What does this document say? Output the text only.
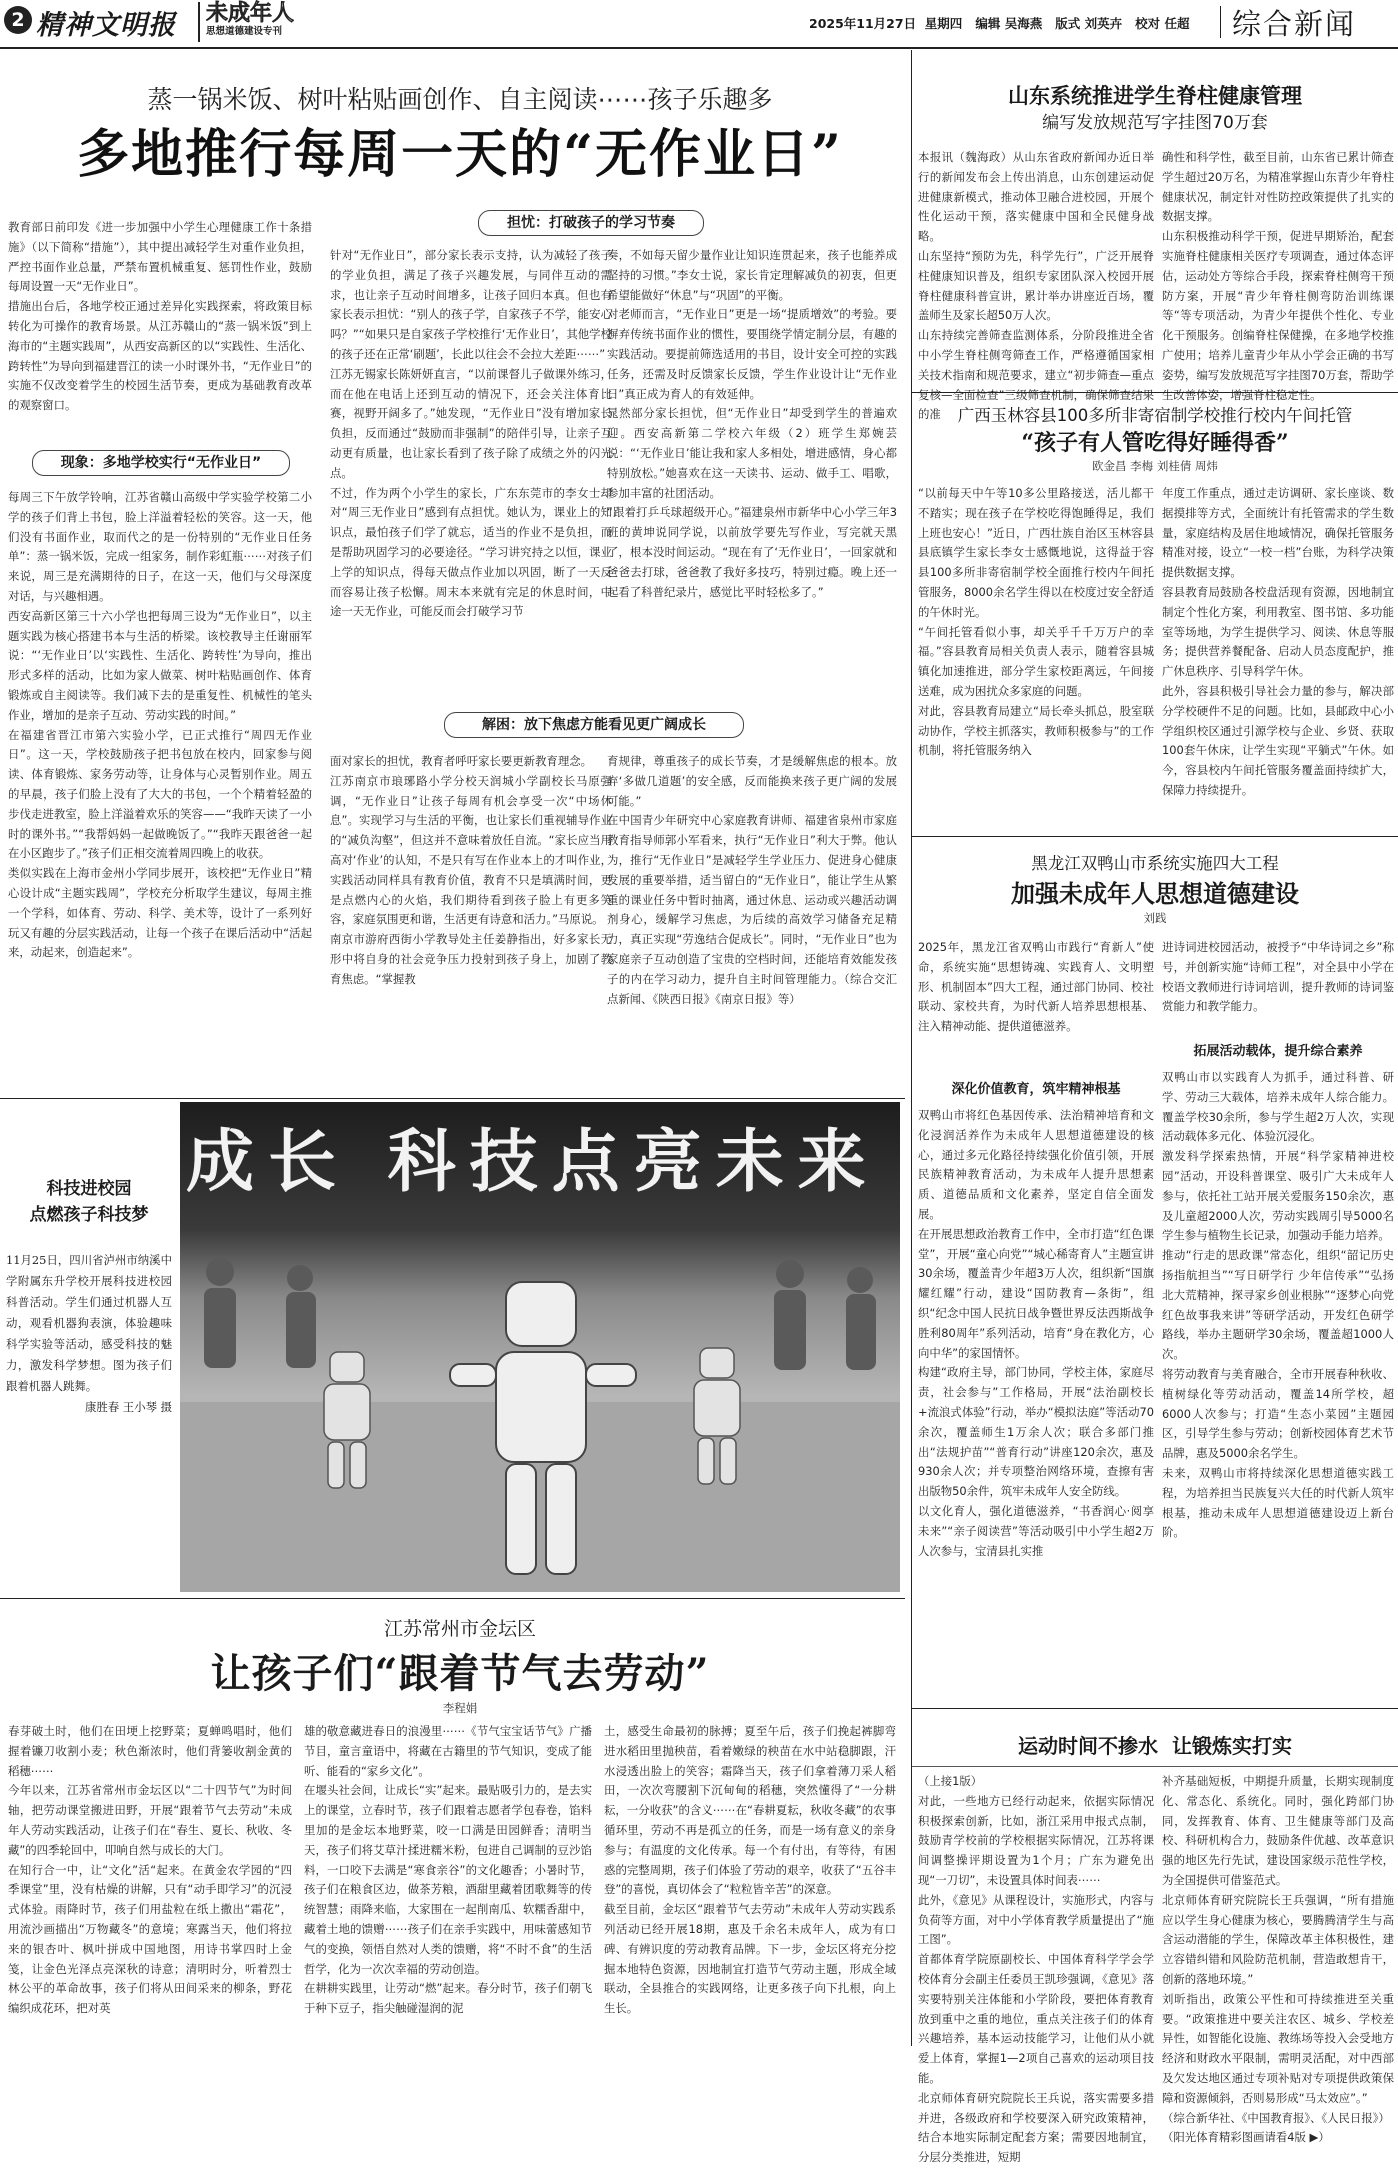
2 精神文明报 未成年人
思想道德建设专刊
2025年11月27日  星期四   编辑 吴海燕   版式 刘英卉   校对 任超 综合新闻
蒸一锅米饭、树叶粘贴画创作、自主阅读⋯⋯孩子乐趣多
多地推行每周一天的“无作业日”
教育部日前印发《进一步加强中小学生心理健康工作十条措施》（以下简称“措施”），其中提出减轻学生对重作业负担，严控书面作业总量，严禁布置机械重复、惩罚性作业，鼓励每周设置一天“无作业日”。
措施出台后，各地学校正通过差异化实践探索，将政策目标转化为可操作的教育场景。从江苏赣山的“蒸一锅米饭”到上海市的“主题实践周”，从西安高新区的以“实践性、生活化、跨转性”为导向到福建晋江的读一小时课外书，“无作业日”的实施不仅改变着学生的校园生活节奏，更成为基础教育改革的观察窗口。
现象：多地学校实行“无作业日”
每周三下午放学铃响，江苏省赣山高级中学实验学校第二小学的孩子们背上书包，脸上洋溢着轻松的笑容。这一天，他们没有书面作业，取而代之的是一份特别的“无作业日任务单”：蒸一锅米饭，完成一组家务，制作彩虹瓶⋯⋯对孩子们来说，周三是充满期待的日子，在这一天，他们与父母深度对话，与兴趣相遇。
西安高新区第三十六小学也把每周三设为“无作业日”，以主题实践为核心搭建书本与生活的桥梁。该校教导主任谢丽军说：“‘无作业日’以‘实践性、生活化、跨转性’为导向，推出形式多样的活动，比如为家人做菜、树叶粘贴画创作、体育锻炼或自主阅读等。我们减下去的是重复性、机械性的笔头作业，增加的是亲子互动、劳动实践的时间。”
在福建省晋江市第六实验小学，已正式推行“周四无作业日”。这一天，学校鼓励孩子把书包放在校内，回家参与阅读、体育锻炼、家务劳动等，让身体与心灵暂别作业。周五的早晨，孩子们脸上没有了大大的书包，一个个精着轻盈的步伐走进教室，脸上洋溢着欢乐的笑容——“我昨天读了一小时的课外书。”“我帮妈妈一起做晚饭了。”“我昨天跟爸爸一起在小区跑步了。”孩子们正相交流着周四晚上的收获。
类似实践在上海市金州小学同步展开，该校把“无作业日”精心设计成“主题实践周”，学校充分析取学生建议，每周主推一个学科，如体育、劳动、科学、美术等，设计了一系列好玩又有趣的分层实践活动，让每一个孩子在课后活动中“活起来，动起来，创造起来”。
担忧：打破孩子的学习节奏
针对“无作业日”，部分家长表示支持，认为减轻了孩子的学业负担，满足了孩子兴趣发展，与同伴互动的需求，也让亲子互动时间增多，让孩子回归本真。但也有家长表示担忧：“别人的孩子学，自家孩子不学，能安心吗？”“如果只是自家孩子学校推行‘无作业日’，其他学校的孩子还在正常‘刷题’，长此以往会不会拉大差距⋯⋯”
江苏无锡家长陈妍妍直言，“以前课督儿子做课外练习，而在他在电话上还到互动的情况下，还会关注体育比赛，视野开阔多了。”她发现，“无作业日”没有增加家长负担，反而通过“鼓励而非强制”的陪伴引导，让亲子互动更有质量，也让家长看到了孩子除了成绩之外的闪光点。
不过，作为两个小学生的家长，广东东莞市的李女士却对“周三无作业日”感到有点担忧。她认为，课业上的知识点，最怕孩子们学了就忘，适当的作业不是负担，而是帮助巩固学习的必要途径。“学习讲究持之以恒，课业上学的知识点，得每天做点作业加以巩固，断了一天反而容易让孩子松懈。周末本来就有完足的休息时间，中途一天无作业，可能反而会打破学习节
奏，不如每天留少量作业让知识连贯起来，孩子也能养成坚持的习惯。”李女士说，家长肯定理解减负的初衷，但更希望能做好“休息”与“巩固”的平衡。
对老师而言，“无作业日”更是一场“提质增效”的考验。要摒弃传统书面作业的惯性，要围绕学情定制分层，有趣的实践活动。要提前筛选适用的书目，设计安全可控的实践任务，还需及时反馈家长反馈，学生作业设计让“无作业日”真正成为育人的有效延伸。
晁然部分家长担忧，但“无作业日”却受到学生的普遍欢迎。西安高新第二学校六年级（2）班学生郑婉芸说：“‘无作业日’能让我和家人多相处，增进感情，身心都特别放松。”她喜欢在这一天读书、运动、做手工、唱歌，参加丰富的社团活动。
“跟着打乒乓球超级开心。”福建泉州市新华中心小学三年3班的黄坤说同学说，以前放学要先写作业，写完就天黑了，根本没时间运动。“现在有了‘无作业日’，一回家就和爸爸去打球，爸爸教了我好多技巧，特别过瘾。晚上还一起看了科普纪录片，感觉比平时轻松多了。”
解困：放下焦虑方能看见更广阔成长
面对家长的担忧，教育者呼吁家长要更新教育理念。
江苏南京市琅琊路小学分校天润城小学副校长马原强调，“无作业日”让孩子每周有机会享受一次“中场休息”。实现学习与生活的平衡，也让家长们重视辅导作业的“减负沟壑”，但这并不意味着放任自流。“家长应当用高对‘作业’的认知，不是只有写在作业本上的才叫作业，实践活动同样具有教育价值，教育不只是填满时间，更是点燃内心的火焰，我们期待看到孩子脸上有更多笑容，家庭氛围更和谐，生活更有诗意和活力。”马原说。
南京市游府西街小学教导处主任姜静指出，好多家长无形中将自身的社会竞争压力投射到孩子身上，加剧了教育焦虑。“掌握教
育规律，尊重孩子的成长节奏，才是缓解焦虑的根本。放弃‘多做几道题’的安全感，反而能换来孩子更广阔的发展可能。”
在中国青少年研究中心家庭教育讲师、福建省泉州市家庭教育指导师郭小军看来，执行“无作业日”利大于弊。他认为，推行“无作业日”是减轻学生学业压力、促进身心健康发展的重要举措，适当留白的“无作业日”，能让学生从繁重的课业任务中暂时抽离，通过休息、运动或兴趣活动调剂身心，缓解学习焦虑，为后续的高效学习储备充足精力，真正实现“劳逸结合促成长”。同时，“无作业日”也为家庭亲子互动创造了宝贵的空档时间，还能培育效能发孩子的内在学习动力，提升自主时间管理能力。（综合交汇点新闻、《陕西日报》《南京日报》等）
科技进校园
点燃孩子科技梦
11月25日，四川省泸州市纳溪中学附属东升学校开展科技进校园科普活动。学生们通过机器人互动，观看机器狗表演，体验趣味科学实验等活动，感受科技的魅力，激发科学梦想。图为孩子们跟着机器人跳舞。
康胜春 王小琴 摄
成长 科技点亮未来
江苏常州市金坛区
让孩子们“跟着节气去劳动”
李程娟
春芽破土时，他们在田埂上挖野菜；夏蝉鸣唱时，他们握着镰刀收割小麦；秋色渐浓时，他们背篓收割金黄的稻穗⋯⋯
今年以来，江苏省常州市金坛区以“二十四节气”为时间轴，把劳动课堂搬进田野，开展“跟着节气去劳动”未成年人劳动实践活动，让孩子们在“春生、夏长、秋收、冬藏”的四季轮回中，叩响自然与成长的大门。
在知行合一中，让“文化”活“起来。在黄金农学园的“四季课堂”里，没有枯燥的讲解，只有“动手即学习”的沉浸式体验。雨降时节，孩子们用盐粒在纸上撒出“霜花”，用流沙画描出“万物藏冬”的意境；寒露当天，他们将拉来的银杏叶、枫叶拼成中国地图，用诗书掌四时上金笺，让金色光泽点亮深秋的诗意；清明时分，听着烈士林公平的革命故事，孩子们将从田间采来的柳条，野花编织成花环，把对英
雄的敬意藏进春日的浪漫里⋯⋯《节气宝宝话节气》广播节目，童言童语中，将藏在古籍里的节气知识，变成了能听、能看的“家乡文化”。
在堰头社会间，让成长“实”起来。最贴吸引力的，是去实上的课堂，立春时节，孩子们跟着志愿者学包春卷，馅料里加的是金坛本地野菜，咬一口满是田园鲜香；清明当天，孩子们将艾草汁揉进糯米粉，包进自己调制的豆沙馅料，一口咬下去满是“寒食亲谷”的文化趣香；小暑时节，孩子们在粮食区边，做茶芳粮，酒甜里藏着团歌舞等的传统智慧；雨降来临，大家围在一起削南瓜、软糯香甜中，藏着土地的馈赠⋯⋯孩子们在亲手实践中，用味蕾感知节气的变换，领悟自然对人类的馈赠，将“不时不食”的生活哲学，化为一次次幸福的劳动创造。
在耕耕实践里，让劳动“燃”起来。春分时节，孩子们朝飞于种下豆子，指尖触碰湿润的泥
土，感受生命最初的脉搏；夏至午后，孩子们挽起裤脚弯进水稻田里抛秧苗，看着嫩绿的秧苗在水中站稳脚跟，汗水浸透出脸上的笑容；霜降当天，孩子们拿着薄刀采人稻田，一次次弯腰割下沉甸甸的稻穗，突然懂得了“一分耕耘，一分收获”的含义⋯⋯在“春耕夏耘，秋收冬藏”的农事循环里，劳动不再是孤立的任务，而是一场有意义的亲身参与；有温度的文化传承。每一个有付出，有等待，有困惑的完整周期，孩子们体验了劳动的艰辛，收获了“五谷丰登”的喜悦，真切体会了“粒粒皆辛苦”的深意。
截至目前，金坛区“跟着节气去劳动”未成年人劳动实践系列活动已经开展18期，惠及千余名未成年人，成为有口碑、有辨识度的劳动教育品牌。下一步，金坛区将充分挖掘本地特色资源，因地制宜打造节气劳动主题，形成全域联动，全县推合的实践网络，让更多孩子向下扎根，向上生长。
山东系统推进学生脊柱健康管理
编写发放规范写字挂图70万套
本报讯（魏海政）从山东省政府新闻办近日举行的新闻发布会上传出消息，山东创建运动促进健康新模式，推动体卫融合进校园，开展个性化运动干预，落实健康中国和全民健身战略。
山东坚持“预防为先，科学先行”，广泛开展脊柱健康知识普及，组织专家团队深入校园开展脊柱健康科普宣讲，累计举办讲座近百场，覆盖师生及家长超50万人次。
山东持续完善筛查监测体系，分阶段推进全省中小学生脊柱侧弯筛查工作，严格遵循国家相关技术指南和规范要求，建立“初步筛查—重点复核—全面检查”三级筛查机制，确保筛查结果的准
确性和科学性，截至目前，山东省已累计筛查学生超过20万名，为精准掌握山东青少年脊柱健康状况，制定针对性防控政策提供了扎实的数据支撑。
山东积极推动科学干预，促进早期矫治，配套实施脊柱健康相关医疗专项调查，通过体态评估，运动处方等综合手段，探索脊柱侧弯干预防方案，开展“青少年脊柱侧弯防治训练课等“等专项活动，为青少年提供个性化、专业化干预服务。创编脊柱保健操，在多地学校推广使用；培养儿童青少年从小学会正确的书写姿势，编写发放规范写字挂图70万套，帮助学生改善体姿，增强脊柱稳定性。
广西玉林容县100多所非寄宿制学校推行校内午间托管
“孩子有人管吃得好睡得香”
欧金昌 李梅 刘桂倩 周炜
“以前每天中午等10多公里路接送，活儿都干不踏实；现在孩子在学校吃得饱睡得足，我们上班也安心！”近日，广西壮族自治区玉林容县县底镇学生家长李女士感慨地说，这得益于容县100多所非寄宿制学校全面推行校内午间托管服务，8000余名学生得以在校度过安全舒适的午休时光。
“午间托管看似小事，却关乎千千万万户的幸福。”容县教育局相关负责人表示，随着容县城镇化加速推进，部分学生家校距离远，午间接送难，成为困扰众多家庭的问题。
对此，容县教育局建立“局长牵头抓总，股室联动协作，学校主抓落实，教师积极参与”的工作机制，将托管服务纳入
年度工作重点，通过走访调研、家长座谈、数据摸排等方式，全面统计有托管需求的学生数量，家庭结构及居住地域情况，确保托管服务精准对接，设立“一校一档”台账，为科学决策提供数据支撑。
容县教育局鼓励各校盘活现有资源，因地制宜制定个性化方案，利用教室、图书馆、多功能室等场地，为学生提供学习、阅读、休息等服务；提供营养餐配备、启动人员态度配护，推广休息秩序、引导科学午休。
此外，容县积极引导社会力量的参与，解决部分学校硬件不足的问题。比如，县邮政中心小学组织校区通过引源学校与企业、乡贤、获取100套午休床，让学生实现“平躺式”午休。如今，容县校内午间托管服务覆盖面持续扩大，保障力持续提升。
黑龙江双鸭山市系统实施四大工程
加强未成年人思想道德建设
刘践
2025年，黑龙江省双鸭山市践行“育新人”使命，系统实施“思想铸魂、实践育人、文明塑形、机制固本”四大工程，通过部门协同、校社联动、家校共育，为时代新人培养思想根基、注入精神动能、提供道德滋养。
深化价值教育，筑牢精神根基
双鸭山市将红色基因传承、法治精神培育和文化浸润活养作为未成年人思想道德建设的核心，通过多元化路径持续强化价值引领，开展民族精神教育活动，为未成年人提升思想素质、道德品质和文化素养，坚定自信全面发展。
在开展思想政治教育工作中，全市打造“红色课堂”，开展“童心向党”“城心稀寄育人”主题宣讲30余场，覆盖青少年超3万人次，组织新“国旗耀红耀”行动，建设“国防教育—条街”，组织“纪念中国人民抗日战争暨世界反法西斯战争胜利80周年”系列活动，培育“身在教化方，心向中华”的家国情怀。
构建“政府主导，部门协同，学校主体，家庭尽责，社会参与”工作格局，开展“法治副校长+流浪式体验”行动，举办“模拟法庭”等活动70余次，覆盖师生1万余人次；联合多部门推出“法规护苗”“普育行动”讲座120余次，惠及930余人次；并专项整治网络环境，查擦有害出版物50余件，筑牢未成年人安全防线。
以文化育人，强化道德滋养，“书香润心·阅享未来”“亲子阅读营”等活动吸引中小学生超2万人次参与，宝清县扎实推
进诗词进校园活动，被授予“中华诗词之乡”称号，并创新实施“诗师工程”，对全县中小学在校语文教师进行诗词培训，提升教师的诗词鉴赏能力和教学能力。
拓展活动载体，提升综合素养
双鸭山市以实践育人为抓手，通过科普、研学、劳动三大载体，培养未成年人综合能力。覆盖学校30余所，参与学生超2万人次，实现活动载体多元化、体验沉浸化。
激发科学探索热情，开展“科学家精神进校园”活动，开设科普课堂、吸引广大未成年人参与，依托社工站开展关爱服务150余次，惠及儿童超2000人次，劳动实践周引导5000名学生参与植物生长记录，加强动手能力培养。
推动“行走的思政课”常态化，组织“韶记历史扬指航担当”“写日研学行 少年信传承”“弘扬北大荒精神，探寻家乡创业根脉”“逐梦心向党 红色故事我来讲”等研学活动，开发红色研学路线，举办主题研学30余场，覆盖超1000人次。
将劳动教育与美育融合，全市开展春种秋收、植树绿化等劳动活动，覆盖14所学校，超6000人次参与；打造“生态小菜园”主题园区，引导学生参与劳动；创新校园体育艺术节品牌，惠及5000余名学生。
未来，双鸭山市将持续深化思想道德实践工程，为培养担当民族复兴大任的时代新人筑牢根基，推动未成年人思想道德建设迈上新台阶。
运动时间不掺水  让锻炼实打实
（上接1版）
对此，一些地方已经行动起来，依据实际情况积极探索创新，比如，浙江采用申报式点制，鼓励青学校前的学校根据实际情况，江苏将课间调整操评期设置为1个月；广东为避免出现“一刀切”，未设置具体时间表⋯⋯
此外，《意见》从课程设计，实施形式，内容与负荷等方面，对中小学体育教学质量提出了“施工图”。
首都体育学院原副校长、中国体育科学学会学校体育分会副主任委员王凯珍强调，《意见》落实要特别关注体能和小学阶段，要把体育教育放到重中之重的地位，重点关注孩子们的体育兴趣培养，基本运动技能学习，让他们从小就爱上体育，掌握1—2项自己喜欢的运动项目技能。
北京师体育研究院院长王兵说，落实需要多措并进，各级政府和学校要深入研究政策精神，结合本地实际制定配套方案；需要因地制宜，分层分类推进，短期
补齐基础短板，中期提升质量，长期实现制度化、常态化、系统化。同时，强化跨部门协同，发挥教育、体育、卫生健康等部门及高校、科研机构合力，鼓励条件优越、改革意识强的地区先行先试，建设国家级示范性学校，为全国提供可借鉴范式。
北京师体育研究院院长王兵强调，“所有措施应以学生身心健康为核心，要腾腾清学生与高含运动潜能的学生，保障改革主体积极性，建立容错纠错和风险防范机制，营造敢想肯干，创新的落地环境。”
刘昕指出，政策公平性和可持续推进至关重要。“政策推进中要关注农区、城乡、学校差异性，如智能化设施、教练场等投入会受地方经济和财政水平限制，需明灵活配，对中西部及欠发达地区通过专项补贴对专项提供政策保障和资源倾斜，否则易形成“马太效应”。”
（综合新华社、《中国教育报》、《人民日报》）
（阳光体育精彩图画请看4版 ▶）
